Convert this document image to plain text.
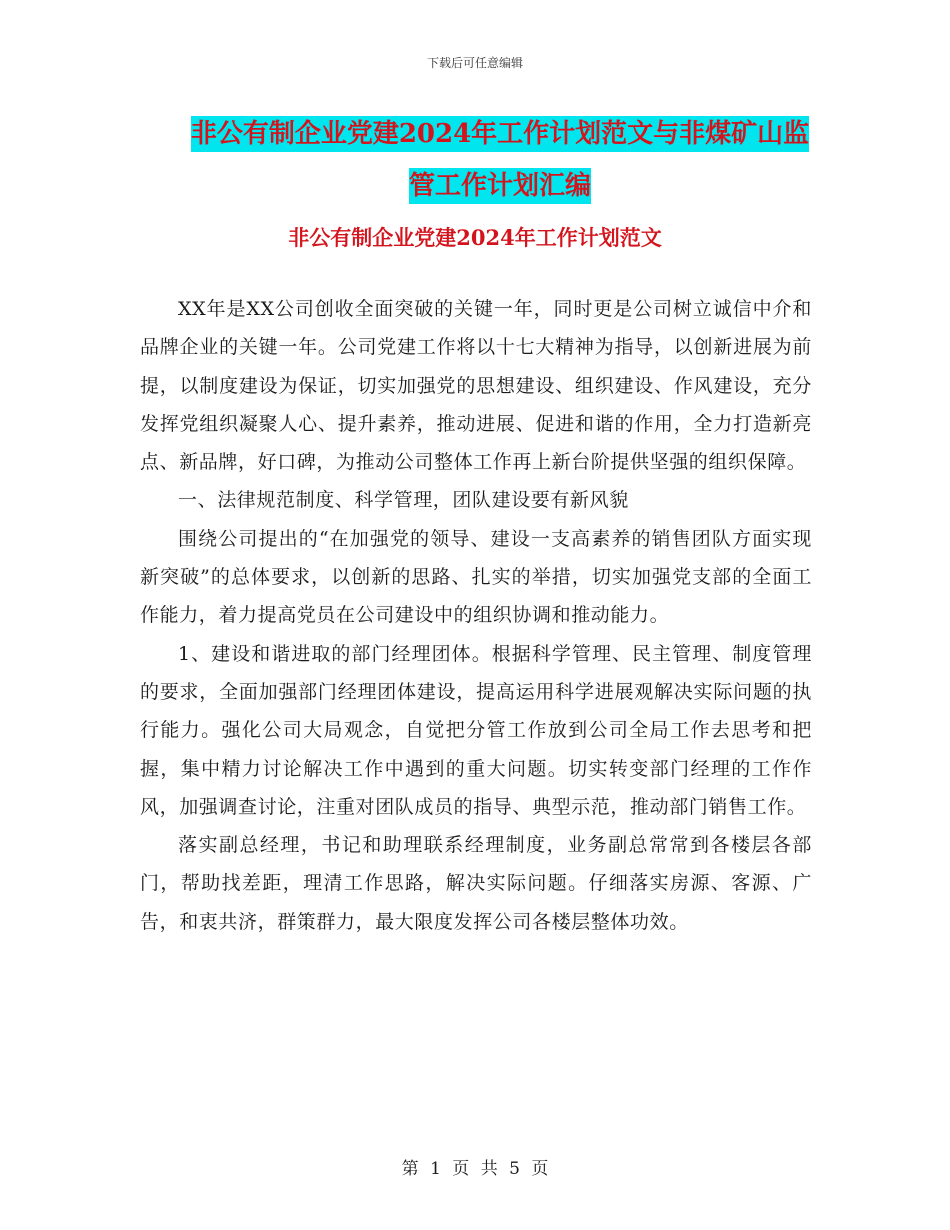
下载后可任意编辑
非公有制企业党建2024年工作计划范文与非煤矿山监
管工作计划汇编
非公有制企业党建2024年工作计划范文

XX年是XX公司创收全面突破的关键一年，同时更是公司树立诚信中介和品牌企业的关键一年。公司党建工作将以十七大精神为指导，以创新进展为前提，以制度建设为保证，切实加强党的思想建设、组织建设、作风建设，充分发挥党组织凝聚人心、提升素养，推动进展、促进和谐的作用，全力打造新亮点、新品牌，好口碑，为推动公司整体工作再上新台阶提供坚强的组织保障。

一、法律规范制度、科学管理，团队建设要有新风貌

围绕公司提出的“在加强党的领导、建设一支高素养的销售团队方面实现新突破”的总体要求，以创新的思路、扎实的举措，切实加强党支部的全面工作能力，着力提高党员在公司建设中的组织协调和推动能力。

1、建设和谐进取的部门经理团体。根据科学管理、民主管理、制度管理的要求，全面加强部门经理团体建设，提高运用科学进展观解决实际问题的执行能力。强化公司大局观念，自觉把分管工作放到公司全局工作去思考和把握，集中精力讨论解决工作中遇到的重大问题。切实转变部门经理的工作作风，加强调查讨论，注重对团队成员的指导、典型示范，推动部门销售工作。

落实副总经理，书记和助理联系经理制度，业务副总常常到各楼层各部门，帮助找差距，理清工作思路，解决实际问题。仔细落实房源、客源、广告，和衷共济，群策群力，最大限度发挥公司各楼层整体功效。

第 1 页 共 5 页
